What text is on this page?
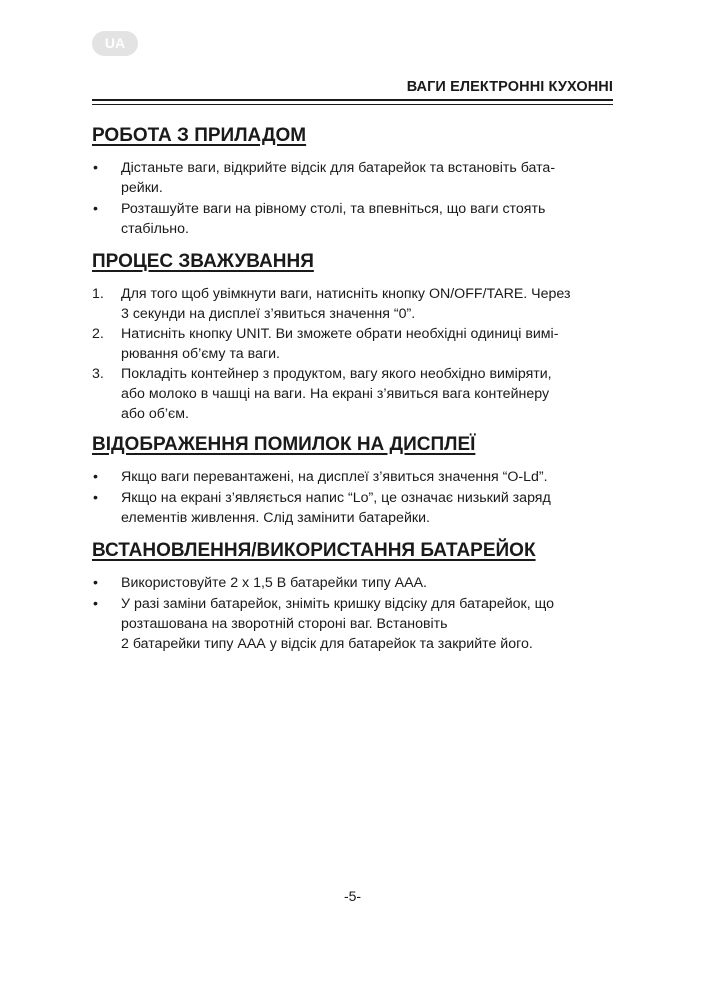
UA
ВАГИ ЕЛЕКТРОННІ КУХОННІ
РОБОТА З ПРИЛАДОМ
• Дістаньте ваги, відкрийте відсік для батарейок та встановіть бата-
рейки.
• Розташуйте ваги на рівному столі, та впевніться, що ваги стоять
стабільно.
ПРОЦЕС ЗВАЖУВАННЯ
1. Для того щоб увімкнути ваги, натисніть кнопку ON/OFF/TARE. Через
3 секунди на дисплеї з’явиться значення “0”.
2. Натисніть кнопку UNIT. Ви зможете обрати необхідні одиниці вимі-
рювання об’єму та ваги.
3. Покладіть контейнер з продуктом, вагу якого необхідно виміряти,
або молоко в чашці на ваги. На екрані з’явиться вага контейнеру
або об’єм.
ВІДОБРАЖЕННЯ ПОМИЛОК НА ДИСПЛЕЇ
• Якщо ваги перевантажені, на дисплеї з’явиться значення “O-Ld”.
• Якщо на екрані з’являється напис “Lo”, це означає низький заряд
елементів живлення. Слід замінити батарейки.
ВСТАНОВЛЕННЯ/ВИКОРИСТАННЯ БАТАРЕЙОК
• Використовуйте 2 х 1,5 В батарейки типу ААА.
• У разі заміни батарейок, зніміть кришку відсіку для батарейок, що
розташована на зворотній стороні ваг. Встановіть
2 батарейки типу ААА у відсік для батарейок та закрийте його.
-5-
